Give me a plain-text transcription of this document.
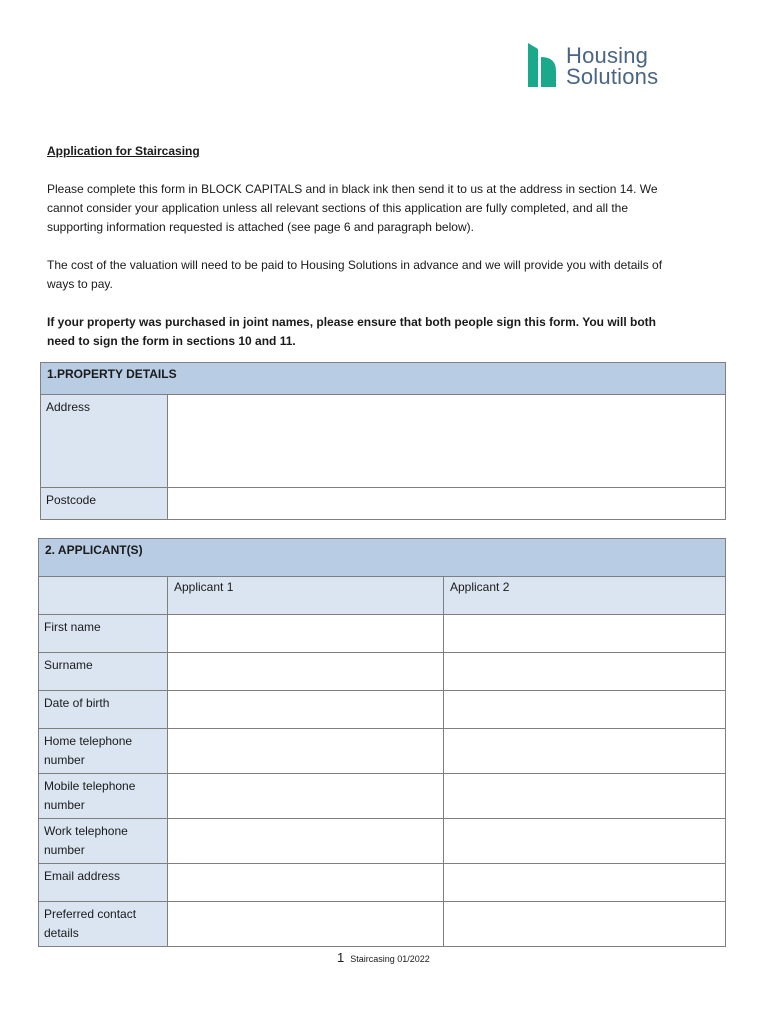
Housing
Solutions
Application for Staircasing
Please complete this form in BLOCK CAPITALS and in black ink then send it to us at the address in section 14. We cannot consider your application unless all relevant sections of this application are fully completed, and all the supporting information requested is attached (see page 6 and paragraph below).
The cost of the valuation will need to be paid to Housing Solutions in advance and we will provide you with details of ways to pay.
If your property was purchased in joint names, please ensure that both people sign this form. You will both need to sign the form in sections 10 and 11.
1.PROPERTY DETAILS	
Address	
Postcode	
2. APPLICANT(S)		
	Applicant 1	Applicant 2
First name		
Surname		
Date of birth		
Home telephone number		
Mobile telephone number		
Work telephone number		
Email address		
Preferred contact details		
1 Staircasing 01/2022
